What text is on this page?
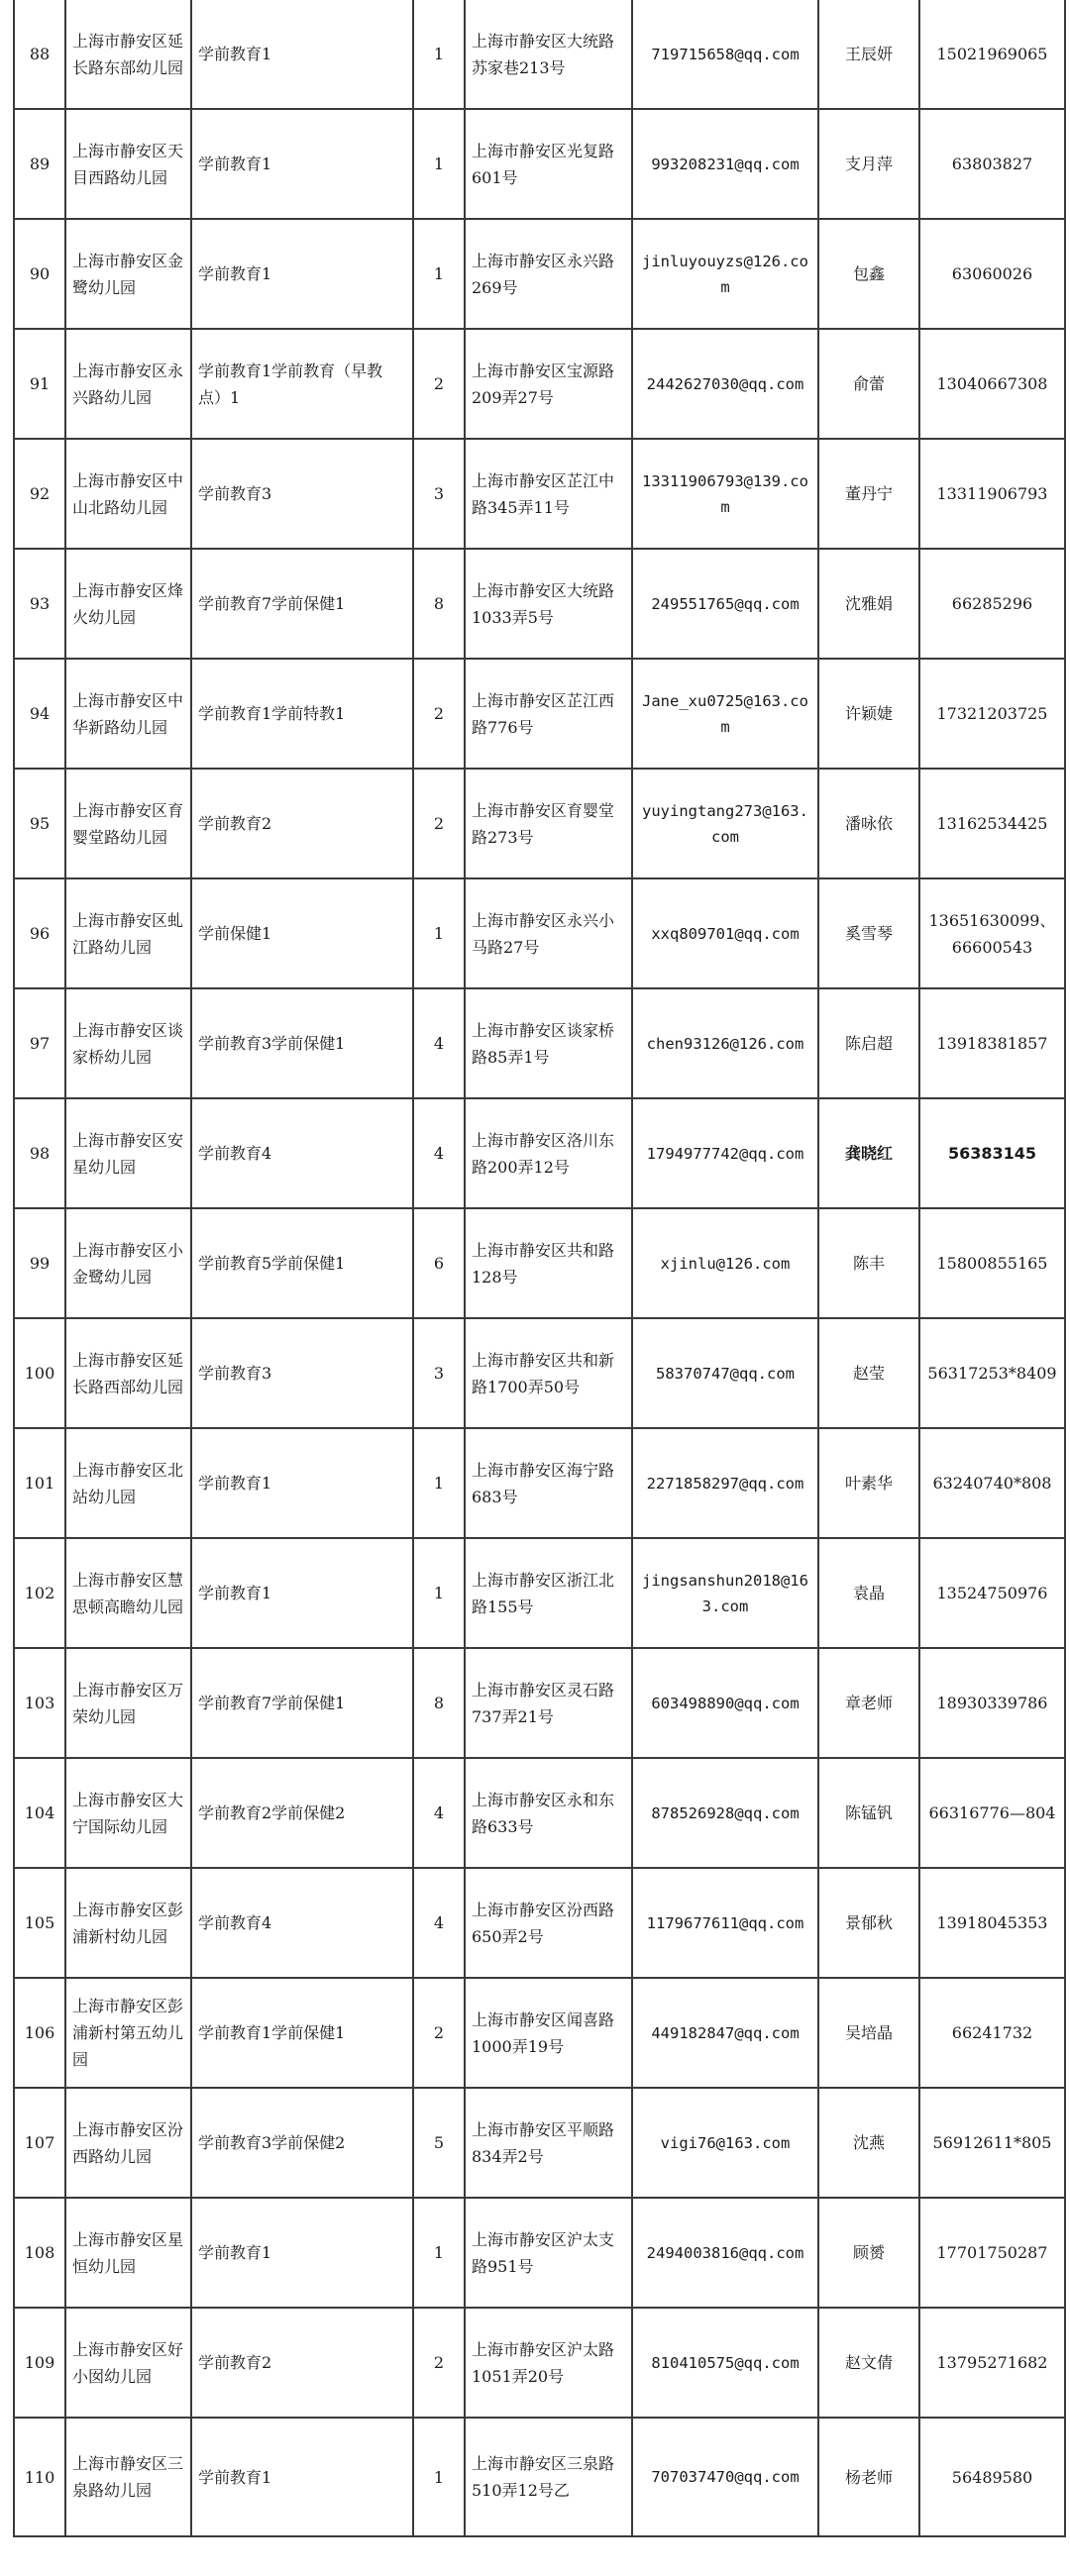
88	上海市静安区延长路东部幼儿园	学前教育1	1	上海市静安区大统路苏家巷213号	719715658@qq.com	王辰妍	15021969065
89	上海市静安区天目西路幼儿园	学前教育1	1	上海市静安区光复路601号	993208231@qq.com	支月萍	63803827
90	上海市静安区金鹭幼儿园	学前教育1	1	上海市静安区永兴路269号	jinluyouyzs@126.com	包鑫	63060026
91	上海市静安区永兴路幼儿园	学前教育1学前教育（早教点）1	2	上海市静安区宝源路209弄27号	2442627030@qq.com	俞蕾	13040667308
92	上海市静安区中山北路幼儿园	学前教育3	3	上海市静安区芷江中路345弄11号	13311906793@139.com	董丹宁	13311906793
93	上海市静安区烽火幼儿园	学前教育7学前保健1	8	上海市静安区大统路1033弄5号	249551765@qq.com	沈雅娟	66285296
94	上海市静安区中华新路幼儿园	学前教育1学前特教1	2	上海市静安区芷江西路776号	Jane_xu0725@163.com	许颖婕	17321203725
95	上海市静安区育婴堂路幼儿园	学前教育2	2	上海市静安区育婴堂路273号	yuyingtang273@163.com	潘咏依	13162534425
96	上海市静安区虬江路幼儿园	学前保健1	1	上海市静安区永兴小马路27号	xxq809701@qq.com	奚雪琴	13651630099、66600543
97	上海市静安区谈家桥幼儿园	学前教育3学前保健1	4	上海市静安区谈家桥路85弄1号	chen93126@126.com	陈启超	13918381857
98	上海市静安区安星幼儿园	学前教育4	4	上海市静安区洛川东路200弄12号	1794977742@qq.com	龚晓红	56383145
99	上海市静安区小金鹭幼儿园	学前教育5学前保健1	6	上海市静安区共和路128号	xjinlu@126.com	陈丰	15800855165
100	上海市静安区延长路西部幼儿园	学前教育3	3	上海市静安区共和新路1700弄50号	58370747@qq.com	赵莹	56317253*8409
101	上海市静安区北站幼儿园	学前教育1	1	上海市静安区海宁路683号	2271858297@qq.com	叶素华	63240740*808
102	上海市静安区慧思顿高瞻幼儿园	学前教育1	1	上海市静安区浙江北路155号	jingsanshun2018@163.com	袁晶	13524750976
103	上海市静安区万荣幼儿园	学前教育7学前保健1	8	上海市静安区灵石路737弄21号	603498890@qq.com	章老师	18930339786
104	上海市静安区大宁国际幼儿园	学前教育2学前保健2	4	上海市静安区永和东路633号	878526928@qq.com	陈锰钒	66316776—804
105	上海市静安区彭浦新村幼儿园	学前教育4	4	上海市静安区汾西路650弄2号	1179677611@qq.com	景郁秋	13918045353
106	上海市静安区彭浦新村第五幼儿园	学前教育1学前保健1	2	上海市静安区闻喜路1000弄19号	449182847@qq.com	吴培晶	66241732
107	上海市静安区汾西路幼儿园	学前教育3学前保健2	5	上海市静安区平顺路834弄2号	vigi76@163.com	沈燕	56912611*805
108	上海市静安区星恒幼儿园	学前教育1	1	上海市静安区沪太支路951号	2494003816@qq.com	顾赟	17701750287
109	上海市静安区好小囡幼儿园	学前教育2	2	上海市静安区沪太路1051弄20号	810410575@qq.com	赵文倩	13795271682
110	上海市静安区三泉路幼儿园	学前教育1	1	上海市静安区三泉路510弄12号乙	707037470@qq.com	杨老师	56489580
